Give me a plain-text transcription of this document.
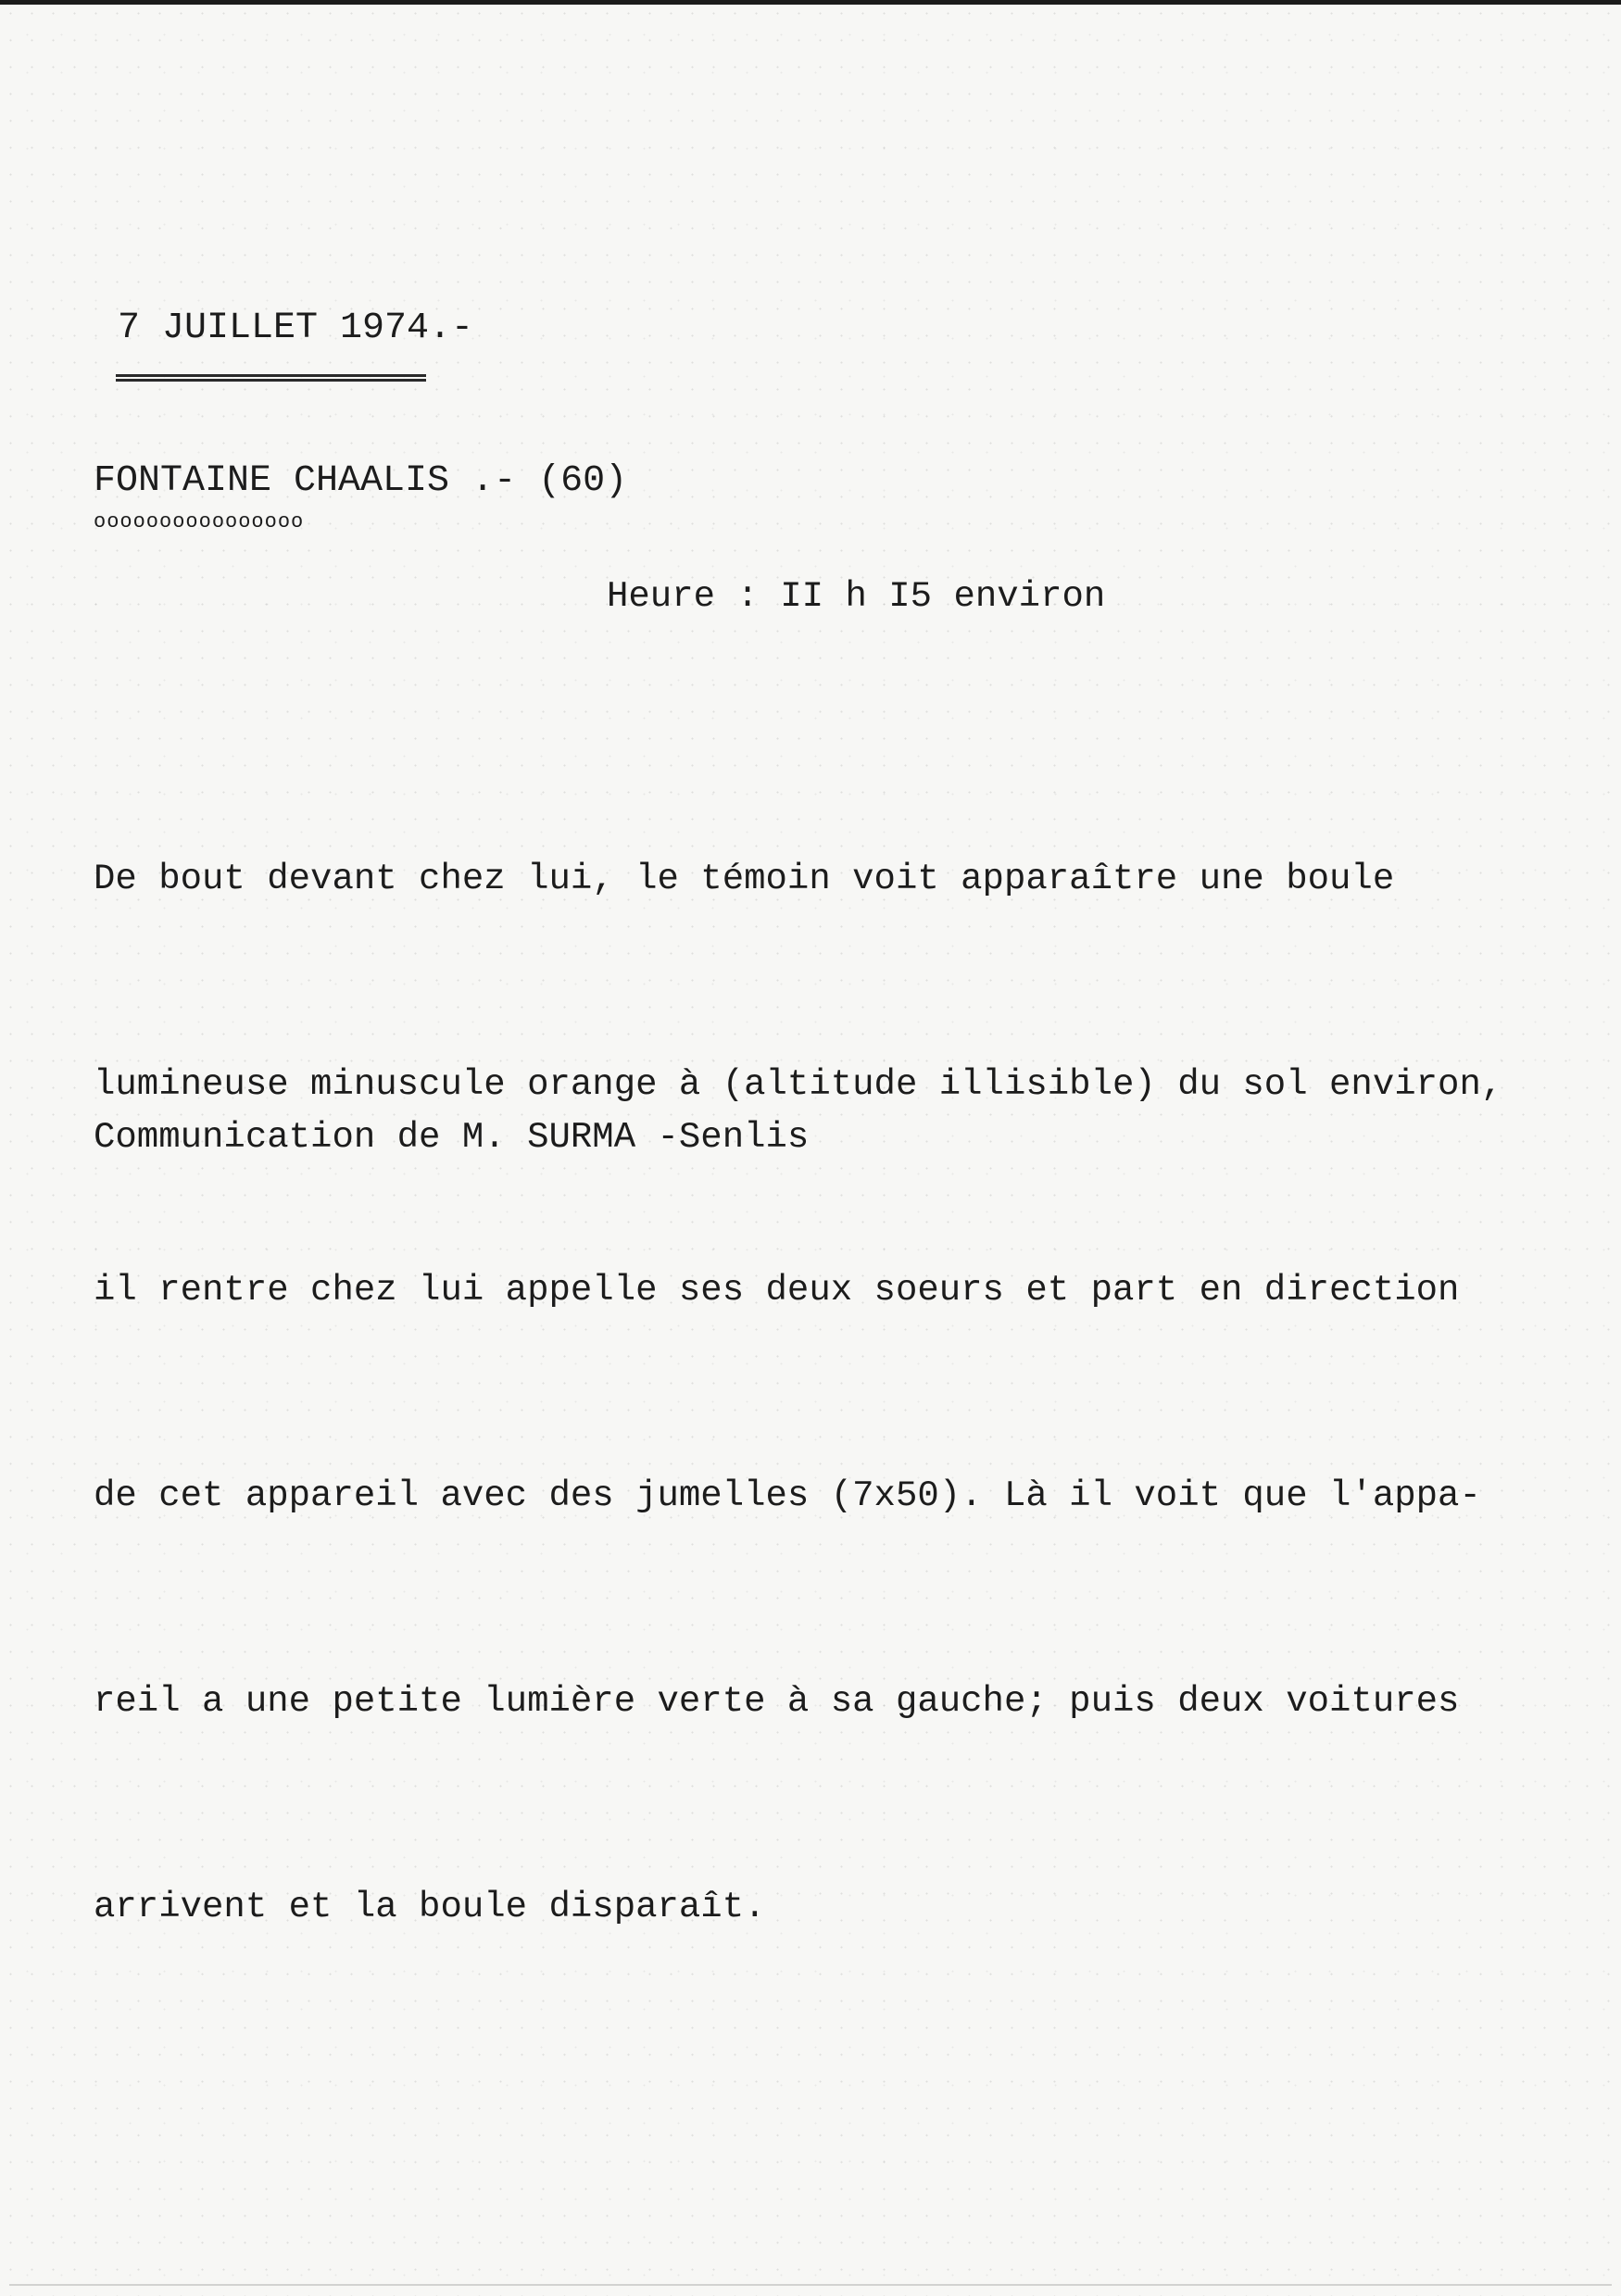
7 JUILLET 1974.-
FONTAINE CHAALIS .- (60)
oooooooooooooooo
Heure : II h I5 environ

De bout devant chez lui, le témoin voit apparaître une boule

lumineuse minuscule orange à (altitude illisible) du sol environ,

il rentre chez lui appelle ses deux soeurs et part en direction

de cet appareil avec des jumelles (7x50). Là il voit que l'appa-

reil a une petite lumière verte à sa gauche; puis deux voitures

arrivent et la boule disparaît.

Communication de M. SURMA -Senlis
